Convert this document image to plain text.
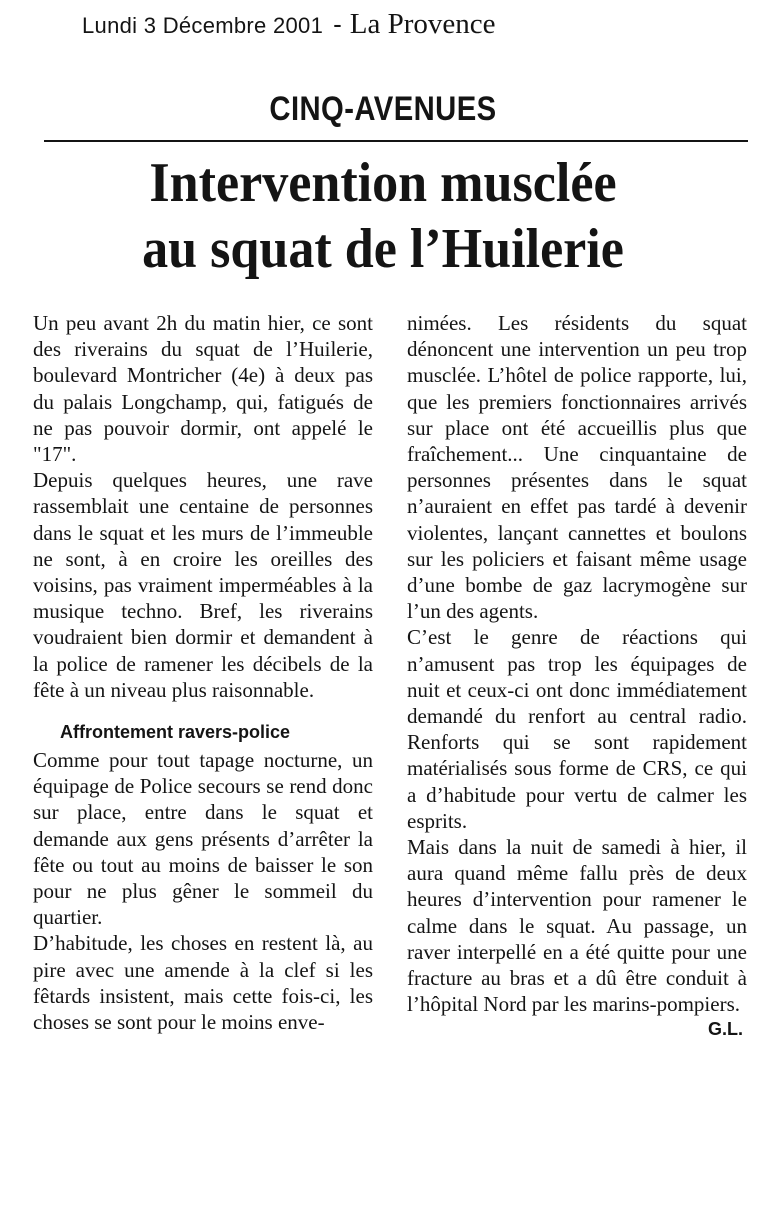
Lundi 3 Décembre 2001 - La Provence
CINQ-AVENUES
Intervention musclée
au squat de l’Huilerie

Un peu avant 2h du matin hier, ce sont des riverains du squat de l’Huilerie, boulevard Montricher (4e) à deux pas du palais Longchamp, qui, fatigués de ne pas pouvoir dormir, ont appelé le "17".

Depuis quelques heures, une rave rassemblait une centaine de personnes dans le squat et les murs de l’immeuble ne sont, à en croire les oreilles des voisins, pas vraiment imperméables à la musique techno. Bref, les riverains voudraient bien dormir et demandent à la police de ramener les décibels de la fête à un niveau plus raisonnable.

Affrontement ravers-police

Comme pour tout tapage nocturne, un équipage de Police secours se rend donc sur place, entre dans le squat et demande aux gens présents d’arrêter la fête ou tout au moins de baisser le son pour ne plus gêner le sommeil du quartier.

D’habitude, les choses en restent là, au pire avec une amende à la clef si les fêtards insistent, mais cette fois-ci, les choses se sont pour le moins enve-

nimées. Les résidents du squat dénoncent une intervention un peu trop musclée. L’hôtel de police rapporte, lui, que les premiers fonctionnaires arrivés sur place ont été accueillis plus que fraîchement... Une cinquantaine de personnes présentes dans le squat n’auraient en effet pas tardé à devenir violentes, lançant cannettes et boulons sur les policiers et faisant même usage d’une bombe de gaz lacrymogène sur l’un des agents.

C’est le genre de réactions qui n’amusent pas trop les équipages de nuit et ceux-ci ont donc immédiatement demandé du renfort au central radio. Renforts qui se sont rapidement matérialisés sous forme de CRS, ce qui a d’habitude pour vertu de calmer les esprits.

Mais dans la nuit de samedi à hier, il aura quand même fallu près de deux heures d’intervention pour ramener le calme dans le squat. Au passage, un raver interpellé en a été quitte pour une fracture au bras et a dû être conduit à l’hôpital Nord par les marins-pompiers.

G.L.
